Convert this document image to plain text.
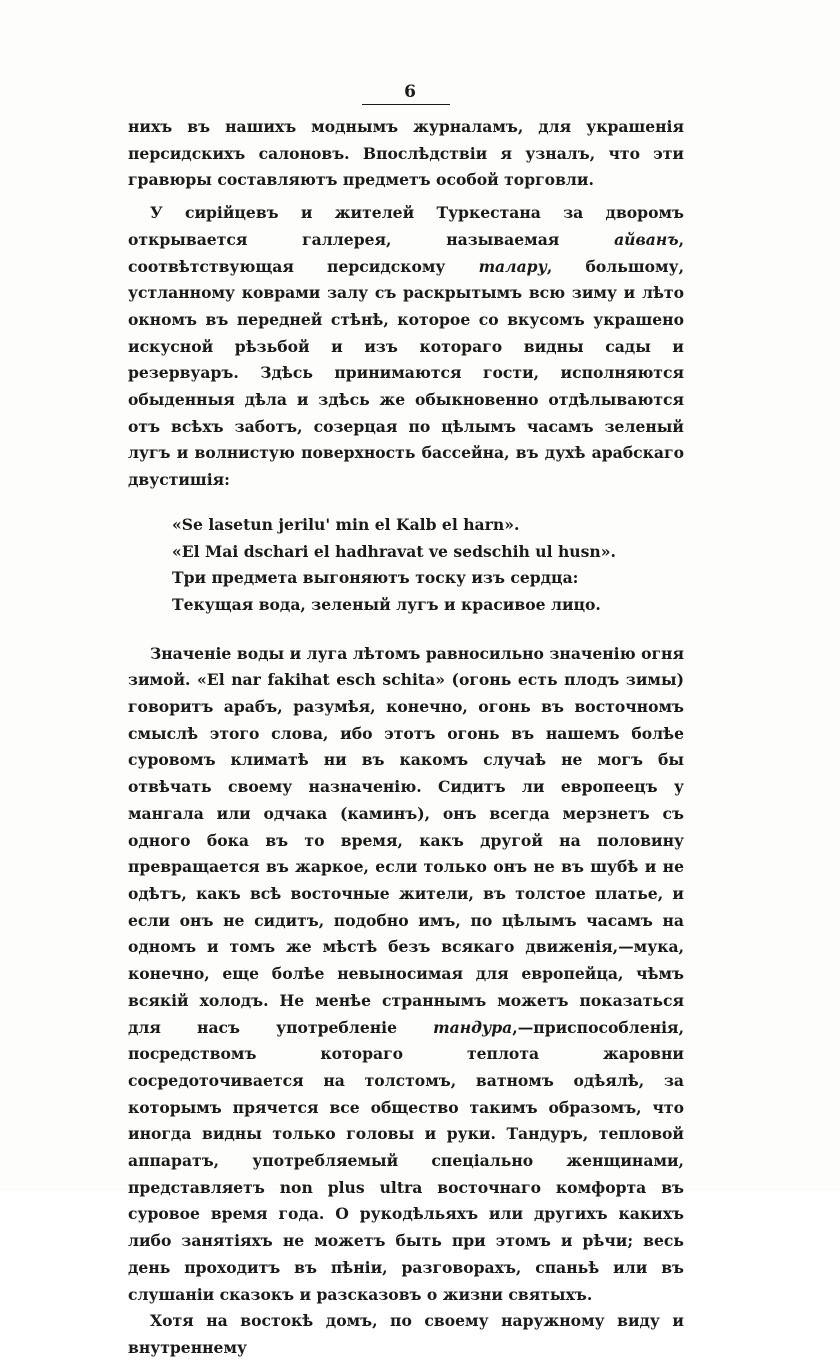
6

нихъ въ нашихъ моднымъ журналамъ, для украшенія персидскихъ салоновъ. Впослѣдствіи я узналъ, что эти гравюры составляютъ предметъ особой торговли.

У сирійцевъ и жителей Туркестана за дворомъ открывается галлерея, называемая айванъ, соотвѣтствующая персидскому талару, большому, устланному коврами залу съ раскрытымъ всю зиму и лѣто окномъ въ передней стѣнѣ, которое со вкусомъ украшено искусной рѣзьбой и изъ котораго видны сады и резервуаръ. Здѣсь принимаются гости, исполняются обыденныя дѣла и здѣсь же обыкновенно отдѣлываются отъ всѣхъ заботъ, созерцая по цѣлымъ часамъ зеленый лугъ и волнистую поверхность бассейна, въ духѣ арабскаго двустишія:

«Se lasetun jerilu' min el Kalb el harn».
«El Mai dschari el hadhravat ve sedschih ul husn».
Три предмета выгоняютъ тоску изъ сердца:
Текущая вода, зеленый лугъ и красивое лицо.

Значеніе воды и луга лѣтомъ равносильно значенію огня зимой. «El nar fakihat esch schita» (огонь есть плодъ зимы) говоритъ арабъ, разумѣя, конечно, огонь въ восточномъ смыслѣ этого слова, ибо этотъ огонь въ нашемъ болѣе суровомъ климатѣ ни въ какомъ случаѣ не могъ бы отвѣчать своему назначенію. Сидитъ ли европеецъ у мангала или одчака (каминъ), онъ всегда мерзнетъ съ одного бока въ то время, какъ другой на половину превращается въ жаркое, если только онъ не въ шубѣ и не одѣтъ, какъ всѣ восточные жители, въ толстое платье, и если онъ не сидитъ, подобно имъ, по цѣлымъ часамъ на одномъ и томъ же мѣстѣ безъ всякаго движенія,—мука, конечно, еще болѣе невыносимая для европейца, чѣмъ всякій холодъ. Не менѣе страннымъ можетъ показаться для насъ употребленіе тандура,—приспособленія, посредствомъ котораго теплота жаровни сосредоточивается на толстомъ, ватномъ одѣялѣ, за которымъ прячется все общество такимъ образомъ, что иногда видны только головы и руки. Тандуръ, тепловой аппаратъ, употребляемый спеціально женщинами, представляетъ non plus ultra восточнаго комфорта въ суровое время года. О рукодѣльяхъ или другихъ какихъ либо занятіяхъ не можетъ быть при этомъ и рѣчи; весь день проходитъ въ пѣніи, разговорахъ, спаньѣ или въ слушаніи сказокъ и разсказовъ о жизни святыхъ.

Хотя на востокѣ домъ, по своему наружному виду и внутреннему
